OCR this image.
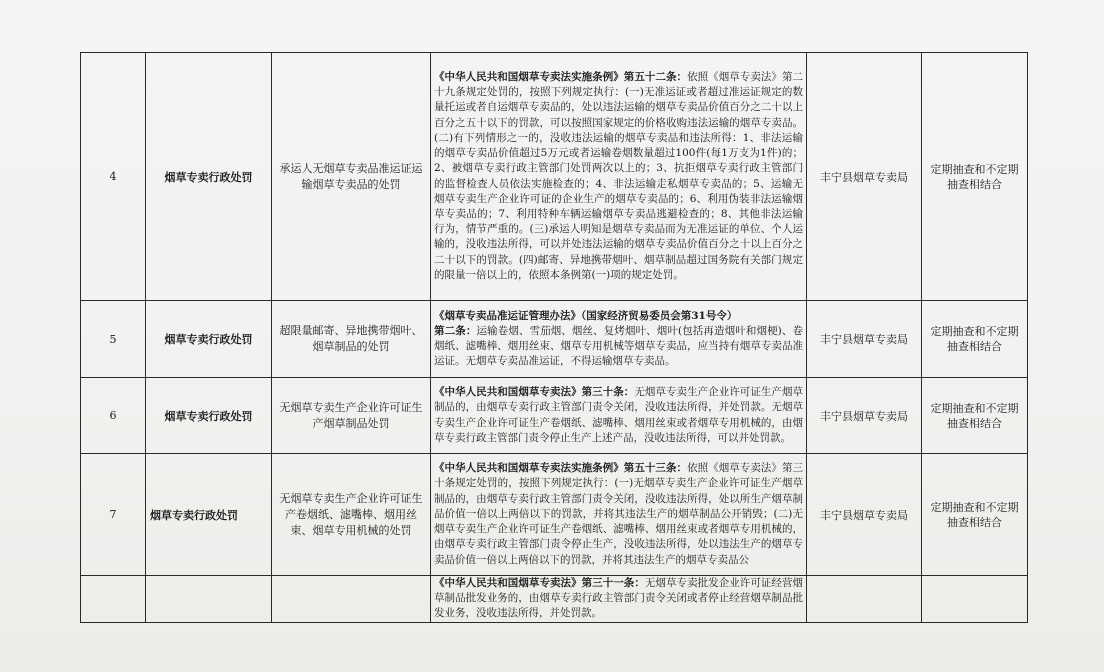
4	烟草专卖行政处罚	承运人无烟草专卖品准运证运输烟草专卖品的处罚	《中华人民共和国烟草专卖法实施条例》第五十二条：依照《烟草专卖法》第二十九条规定处罚的，按照下列规定执行：(一)无准运证或者超过准运证规定的数量托运或者自运烟草专卖品的，处以违法运输的烟草专卖品价值百分之二十以上百分之五十以下的罚款，可以按照国家规定的价格收购违法运输的烟草专卖品。(二)有下列情形之一的，没收违法运输的烟草专卖品和违法所得：1、非法运输的烟草专卖品价值超过5万元或者运输卷烟数量超过100件(每1万支为1件)的；2、被烟草专卖行政主管部门处罚两次以上的；3、抗拒烟草专卖行政主管部门的监督检查人员依法实施检查的；4、非法运输走私烟草专卖品的；5、运输无烟草专卖生产企业许可证的企业生产的烟草专卖品的；6、利用伪装非法运输烟草专卖品的；7、利用特种车辆运输烟草专卖品逃避检查的；8、其他非法运输行为，情节严重的。(三)承运人明知是烟草专卖品而为无准运证的单位、个人运输的，没收违法所得，可以并处违法运输的烟草专卖品价值百分之十以上百分之二十以下的罚款。(四)邮寄、异地携带烟叶、烟草制品超过国务院有关部门规定的限量一倍以上的，依照本条例第(一)项的规定处罚。	丰宁县烟草专卖局	定期抽查和不定期抽查相结合
5	烟草专卖行政处罚	超限量邮寄、异地携带烟叶、烟草制品的处罚	《烟草专卖品准运证管理办法》（国家经济贸易委员会第31号令）
第二条：运输卷烟、雪茄烟、烟丝、复烤烟叶、烟叶(包括再造烟叶和烟梗)、卷烟纸、滤嘴棒、烟用丝束、烟草专用机械等烟草专卖品，应当持有烟草专卖品准运证。无烟草专卖品准运证，不得运输烟草专卖品。	丰宁县烟草专卖局	定期抽查和不定期抽查相结合
6	烟草专卖行政处罚	无烟草专卖生产企业许可证生产烟草制品处罚	《中华人民共和国烟草专卖法》第三十条：无烟草专卖生产企业许可证生产烟草制品的，由烟草专卖行政主管部门责令关闭，没收违法所得，并处罚款。无烟草专卖生产企业许可证生产卷烟纸、滤嘴棒、烟用丝束或者烟草专用机械的，由烟草专卖行政主管部门责令停止生产上述产品，没收违法所得，可以并处罚款。	丰宁县烟草专卖局	定期抽查和不定期抽查相结合
7	烟草专卖行政处罚	无烟草专卖生产企业许可证生产卷烟纸、滤嘴棒、烟用丝束、烟草专用机械的处罚	《中华人民共和国烟草专卖法实施条例》第五十三条：依照《烟草专卖法》第三十条规定处罚的，按照下列规定执行：(一)无烟草专卖生产企业许可证生产烟草制品的，由烟草专卖行政主管部门责令关闭，没收违法所得，处以所生产烟草制品价值一倍以上两倍以下的罚款，并将其违法生产的烟草制品公开销毁；(二)无烟草专卖生产企业许可证生产卷烟纸、滤嘴棒、烟用丝束或者烟草专用机械的，由烟草专卖行政主管部门责令停止生产，没收违法所得，处以违法生产的烟草专卖品价值一倍以上两倍以下的罚款，并将其违法生产的烟草专卖品公	丰宁县烟草专卖局	定期抽查和不定期抽查相结合
			《中华人民共和国烟草专卖法》第三十一条：无烟草专卖批发企业许可证经营烟草制品批发业务的，由烟草专卖行政主管部门责令关闭或者停止经营烟草制品批发业务，没收违法所得，并处罚款。		
